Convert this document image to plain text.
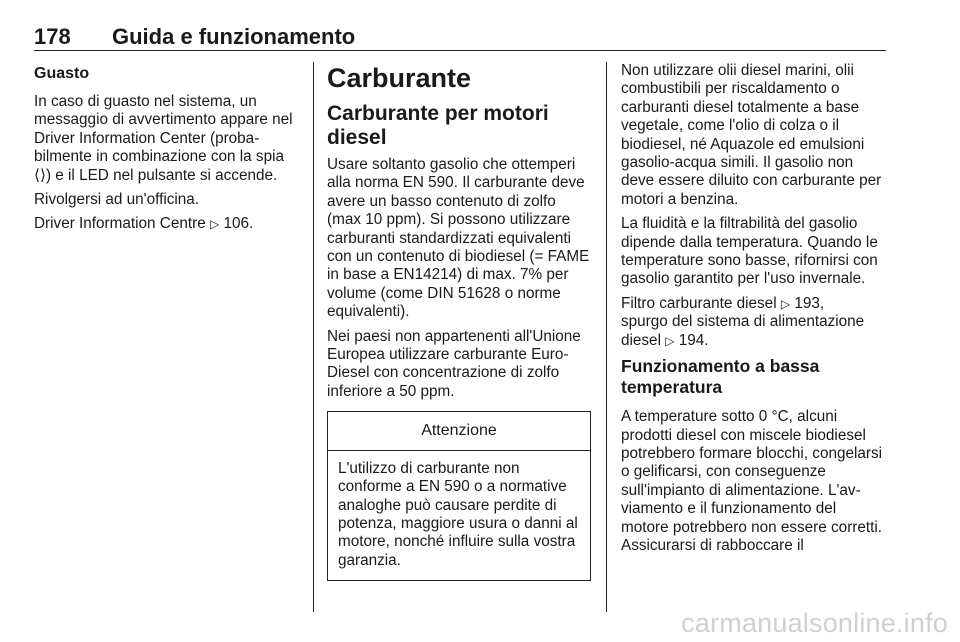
178 Guida e funzionamento
Guasto

In caso di guasto nel sistema, un messaggio di avvertimento appare nel Driver Information Center (probabilmente in combinazione con la spia ⟨⟩) e il LED nel pulsante si accende.

Rivolgersi ad un'officina.

Driver Information Centre ▷ 106.

Carburante
Carburante per motori diesel

Usare soltanto gasolio che ottemperi alla norma EN 590. Il carburante deve avere un basso contenuto di zolfo (max 10 ppm). Si possono utilizzare carburanti standardizzati equivalenti con un contenuto di biodiesel (= FAME in base a EN14214) di max. 7% per volume (come DIN 51628 o norme equivalenti).

Nei paesi non appartenenti all'Unione Europea utilizzare carburante Euro-Diesel con concentrazione di zolfo inferiore a 50 ppm.

Attenzione
L'utilizzo di carburante non conforme a EN 590 o a normative analoghe può causare perdite di potenza, maggiore usura o danni al motore, nonché influire sulla vostra garanzia.

Non utilizzare olii diesel marini, olii combustibili per riscaldamento o carburanti diesel totalmente a base vegetale, come l'olio di colza o il biodiesel, né Aquazole ed emulsioni gasolio-acqua simili. Il gasolio non deve essere diluito con carburante per motori a benzina.

La fluidità e la filtrabilità del gasolio dipende dalla temperatura. Quando le temperature sono basse, rifornirsi con gasolio garantito per l'uso invernale.

Filtro carburante diesel ▷ 193,
spurgo del sistema di alimentazione diesel ▷ 194.

Funzionamento a bassa temperatura

A temperature sotto 0 °C, alcuni prodotti diesel con miscele biodiesel potrebbero formare blocchi, congelarsi o gelificarsi, con conseguenze sull'impianto di alimentazione. L'avviamento e il funzionamento del motore potrebbero non essere corretti. Assicurarsi di rabboccare il

carmanualsonline.info
